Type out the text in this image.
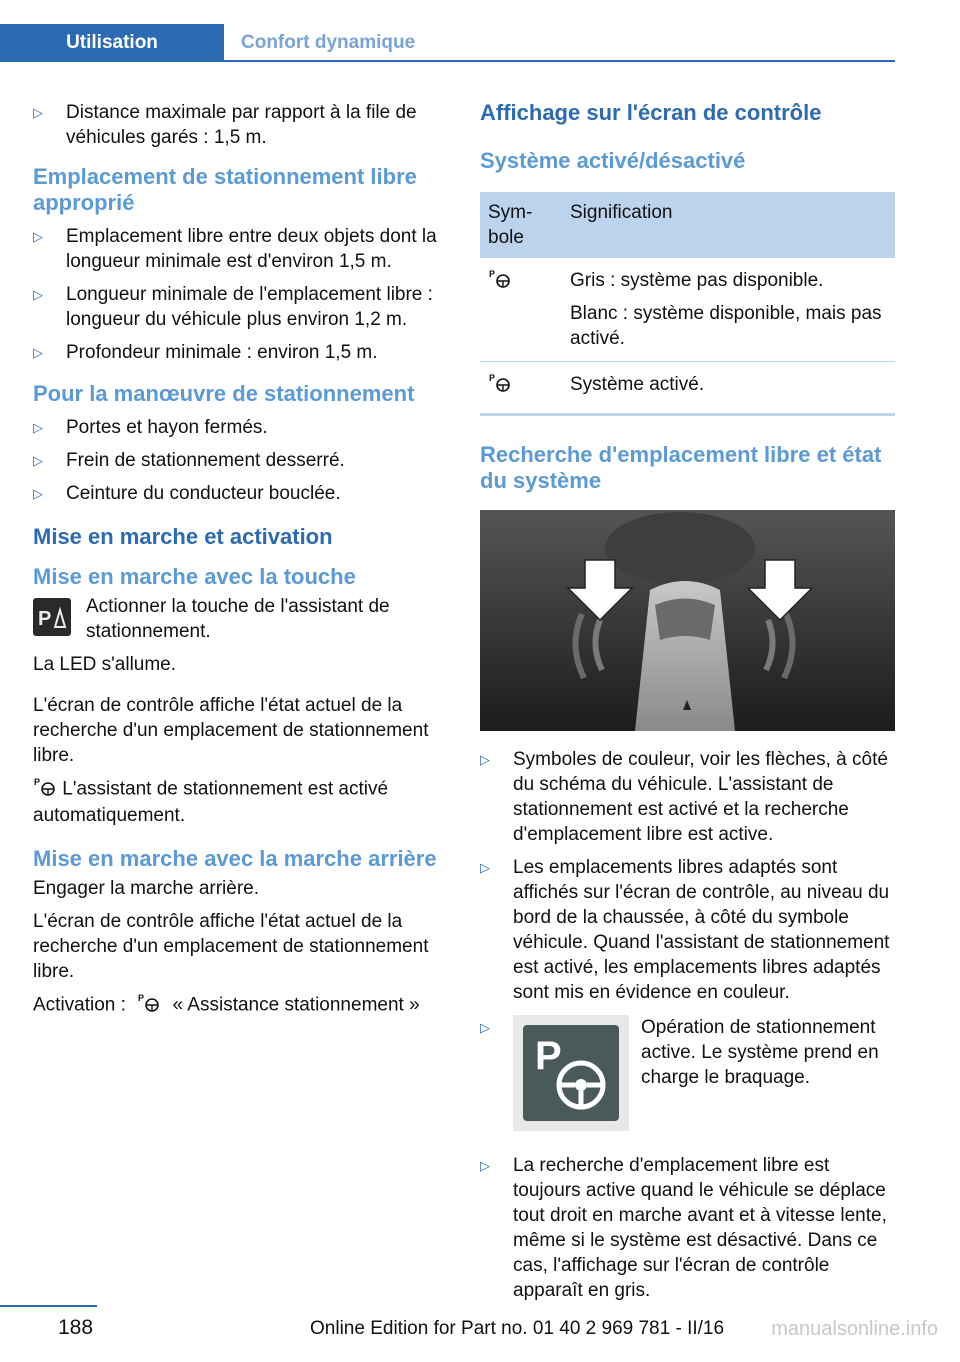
Utilisation	Confort dynamique
▷	Distance maximale par rapport à la file de véhicules garés : 1,5 m.
Emplacement de stationnement libre approprié
▷	Emplacement libre entre deux objets dont la longueur minimale est d'environ 1,5 m.
▷	Longueur minimale de l'emplacement libre : longueur du véhicule plus environ 1,2 m.
▷	Profondeur minimale : environ 1,5 m.
Pour la manœuvre de stationnement
▷	Portes et hayon fermés.
▷	Frein de stationnement desserré.
▷	Ceinture du conducteur bouclée.
Mise en marche et activation
Mise en marche avec la touche
P

Actionner la touche de l'assistant de stationnement.

La LED s'allume.

L'écran de contrôle affiche l'état actuel de la recherche d'un emplacement de stationnement libre.

P L'assistant de stationnement est activé automatiquement.

Mise en marche avec la marche arrière

Engager la marche arrière.

L'écran de contrôle affiche l'état actuel de la recherche d'un emplacement de stationnement libre.

Activation : P « Assistance stationnement »

Affichage sur l'écran de contrôle
Système activé/désactivé
Symbole	Signification

P	Gris : système pas disponible.
Blanc : système disponible, mais pas activé.

P	Système activé.
Recherche d'emplacement libre et état du système
▷	Symboles de couleur, voir les flèches, à côté du schéma du véhicule. L'assistant de stationnement est activé et la recherche d'emplacement libre est active.
▷	Les emplacements libres adaptés sont affichés sur l'écran de contrôle, au niveau du bord de la chaussée, à côté du symbole véhicule. Quand l'assistant de stationnement est activé, les emplacements libres adaptés sont mis en évidence en couleur.
▷
P
Opération de stationnement active. Le système prend en charge le braquage.
▷	La recherche d'emplacement libre est toujours active quand le véhicule se déplace tout droit en marche avant et à vitesse lente, même si le système est désactivé. Dans ce cas, l'affichage sur l'écran de contrôle apparaît en gris.
188	Online Edition for Part no. 01 40 2 969 781 - II/16 manualsonline.info
